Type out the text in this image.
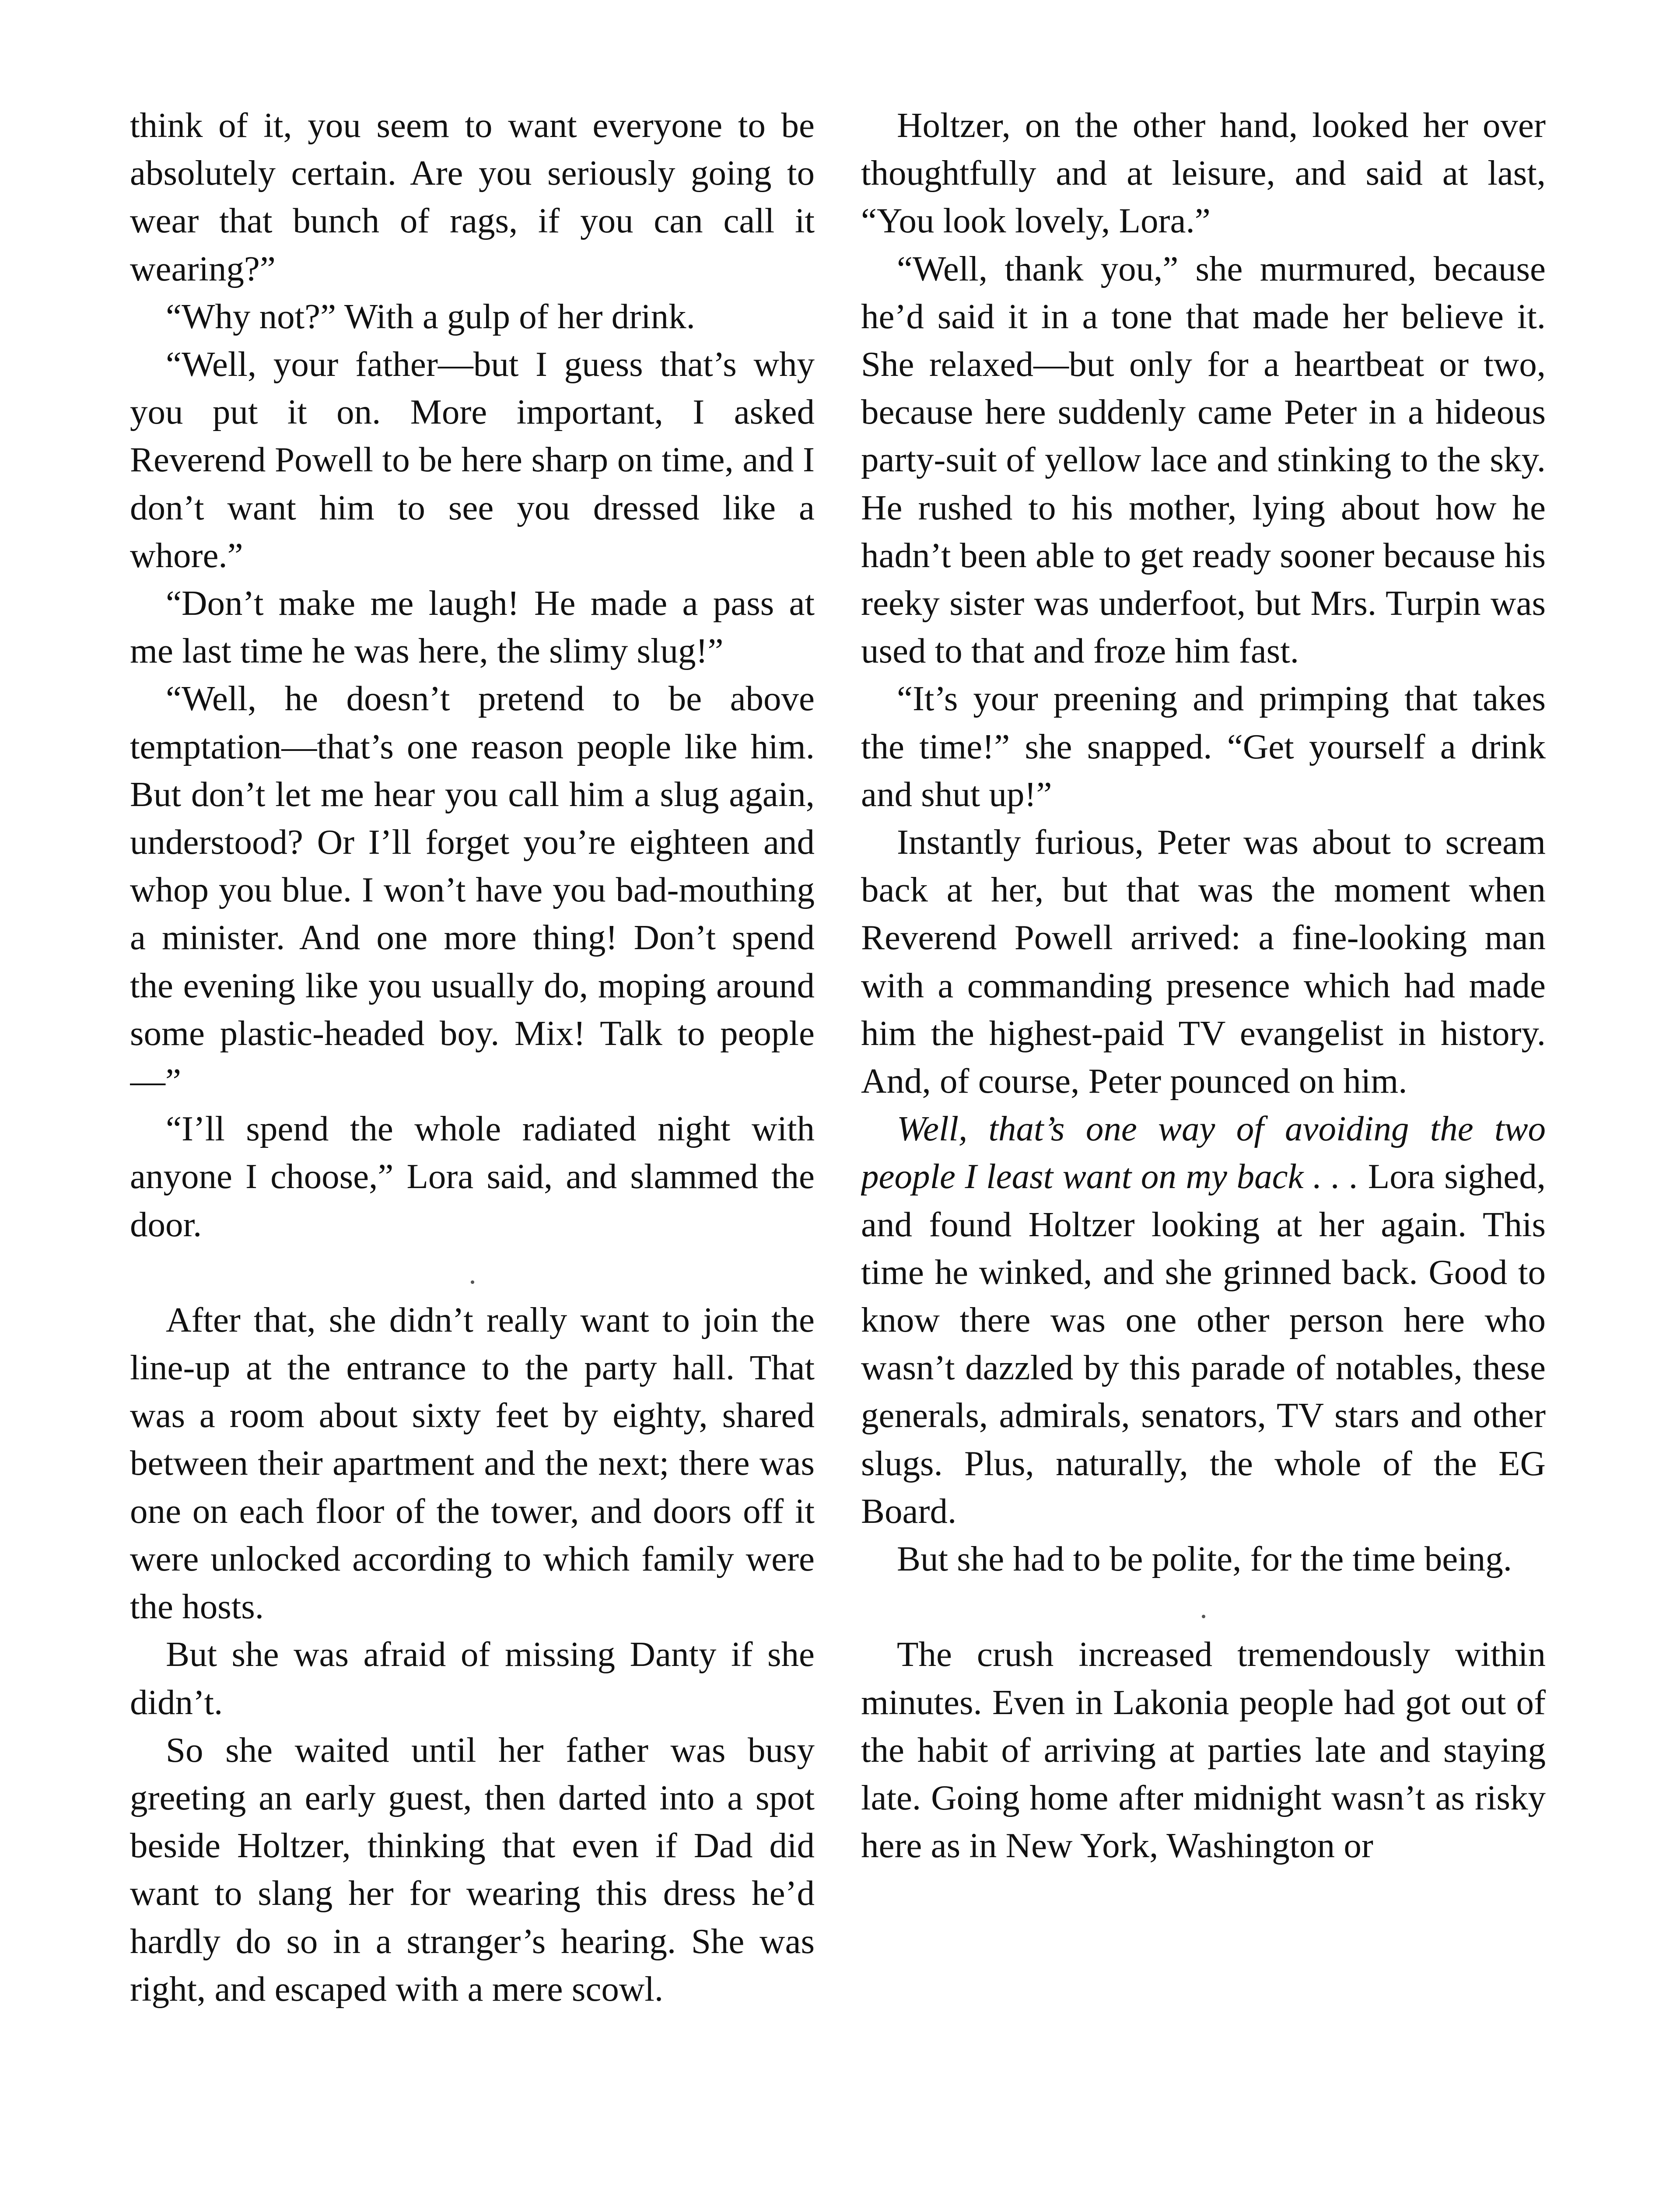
think of it, you seem to want everyone to be absolutely certain. Are you seriously going to wear that bunch of rags, if you can call it wearing?”

“Why not?” With a gulp of her drink.

“Well, your father—but I guess that’s why you put it on. More important, I asked Reverend Powell to be here sharp on time, and I don’t want him to see you dressed like a whore.”

“Don’t make me laugh! He made a pass at me last time he was here, the slimy slug!”

“Well, he doesn’t pretend to be above temptation—that’s one reason people like him. But don’t let me hear you call him a slug again, understood? Or I’ll forget you’re eighteen and whop you blue. I won’t have you bad-mouthing a minister. And one more thing! Don’t spend the evening like you usually do, moping around some plastic-headed boy. Mix! Talk to people—”

“I’ll spend the whole radiated night with anyone I choose,” Lora said, and slammed the door.

After that, she didn’t really want to join the line-up at the entrance to the party hall. That was a room about sixty feet by eighty, shared between their apartment and the next; there was one on each floor of the tower, and doors off it were unlocked according to which family were the hosts.

But she was afraid of missing Danty if she didn’t.

So she waited until her father was busy greeting an early guest, then darted into a spot beside Holtzer, thinking that even if Dad did want to slang her for wearing this dress he’d hardly do so in a stranger’s hearing. She was right, and escaped with a mere scowl.

Holtzer, on the other hand, looked her over thoughtfully and at leisure, and said at last, “You look lovely, Lora.”

“Well, thank you,” she murmured, because he’d said it in a tone that made her believe it. She relaxed—but only for a heartbeat or two, because here suddenly came Peter in a hideous party-suit of yellow lace and stinking to the sky. He rushed to his mother, lying about how he hadn’t been able to get ready sooner because his reeky sister was underfoot, but Mrs. Turpin was used to that and froze him fast.

“It’s your preening and primping that takes the time!” she snapped. “Get yourself a drink and shut up!”

Instantly furious, Peter was about to scream back at her, but that was the moment when Reverend Powell arrived: a fine-looking man with a commanding presence which had made him the highest-paid TV evangelist in history. And, of course, Peter pounced on him.

Well, that’s one way of avoiding the two people I least want on my back . . . Lora sighed, and found Holtzer looking at her again. This time he winked, and she grinned back. Good to know there was one other person here who wasn’t dazzled by this parade of notables, these generals, admirals, senators, TV stars and other slugs. Plus, naturally, the whole of the EG Board.

But she had to be polite, for the time being.

The crush increased tremendously within minutes. Even in Lakonia people had got out of the habit of arriving at parties late and staying late. Going home after midnight wasn’t as risky here as in New York, Washington or
